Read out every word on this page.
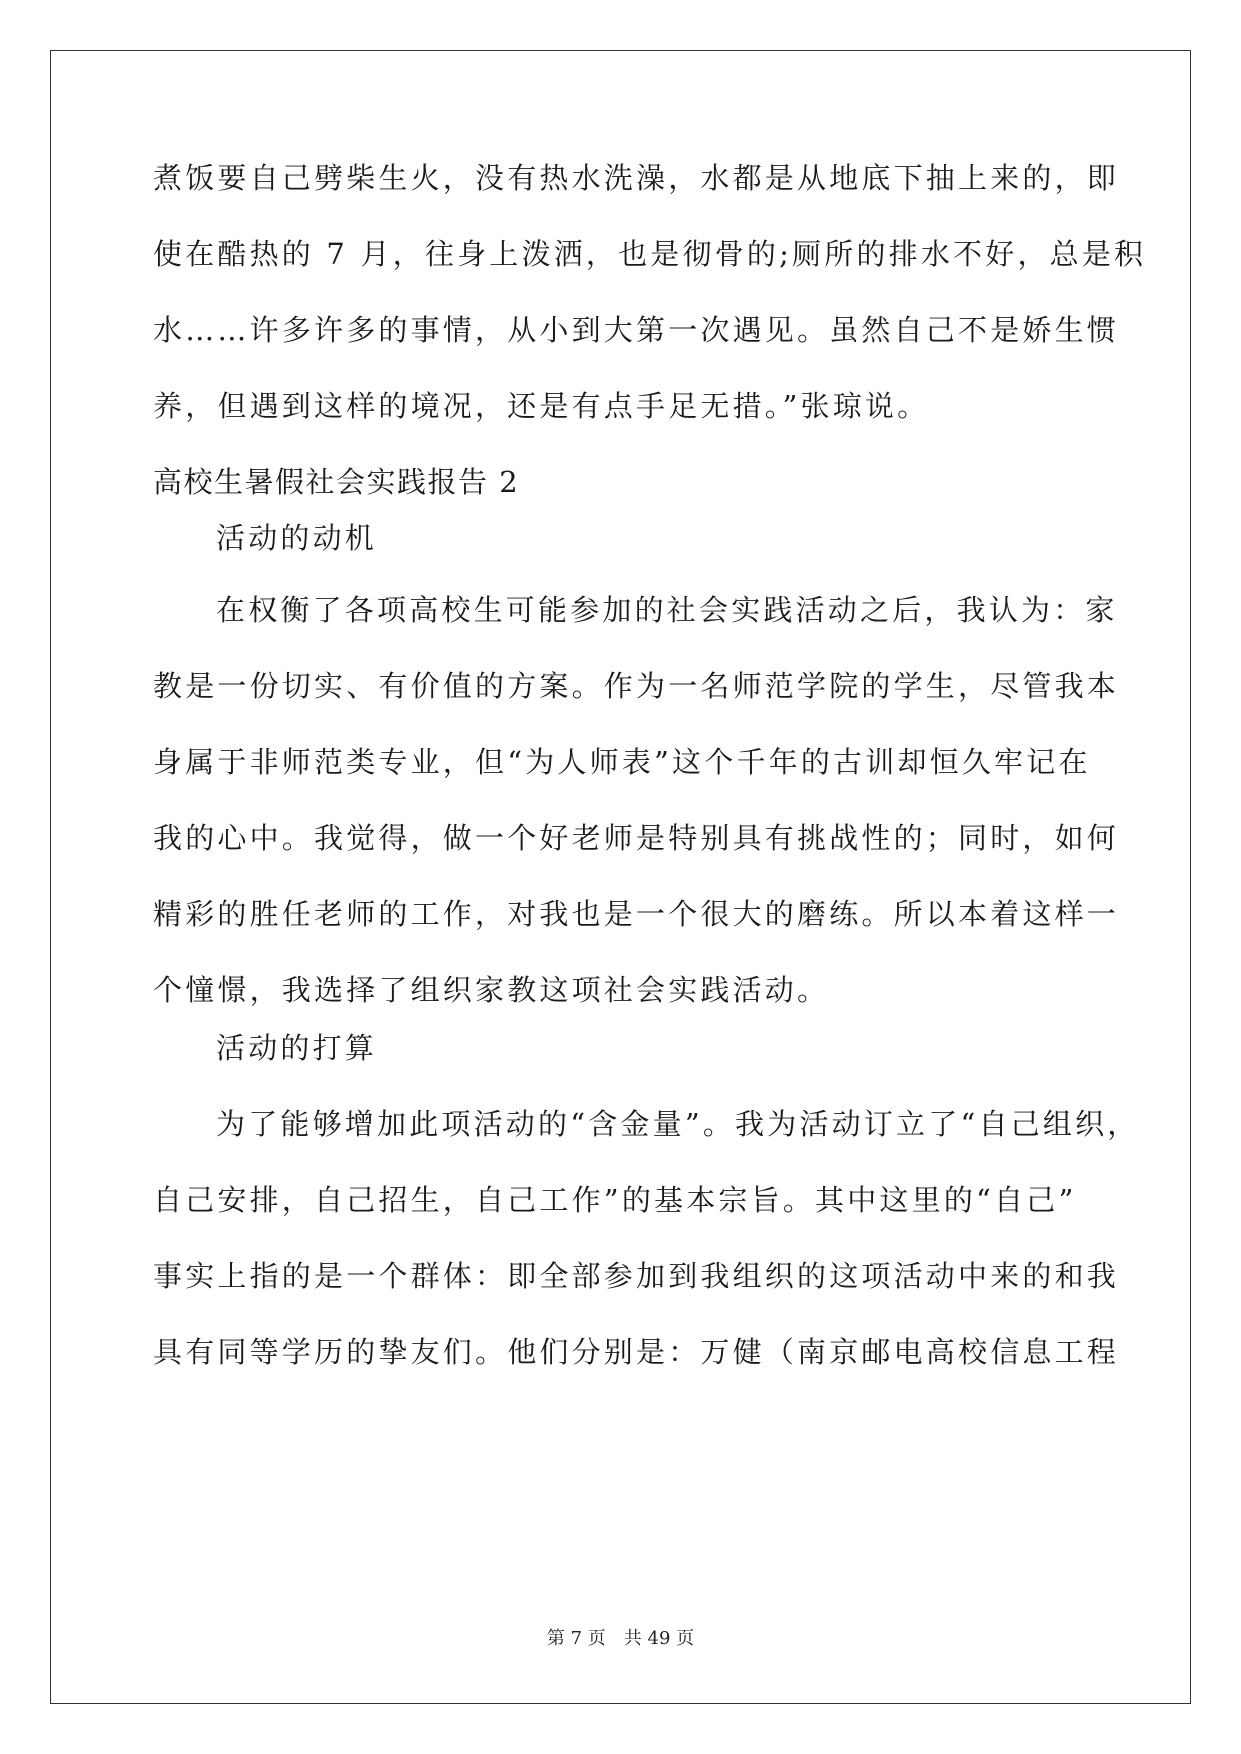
煮饭要自己劈柴生火，没有热水洗澡，水都是从地底下抽上来的，即
使在酷热的 7 月，往身上泼洒，也是彻骨的;厕所的排水不好，总是积
水……许多许多的事情，从小到大第一次遇见。虽然自己不是娇生惯
养，但遇到这样的境况，还是有点手足无措。”张琼说。
高校生暑假社会实践报告 2
活动的动机
在权衡了各项高校生可能参加的社会实践活动之后，我认为：家
教是一份切实、有价值的方案。作为一名师范学院的学生，尽管我本
身属于非师范类专业，但“为人师表”这个千年的古训却恒久牢记在
我的心中。我觉得，做一个好老师是特别具有挑战性的；同时，如何
精彩的胜任老师的工作，对我也是一个很大的磨练。所以本着这样一
个憧憬，我选择了组织家教这项社会实践活动。
活动的打算
为了能够增加此项活动的“含金量”。我为活动订立了“自己组织，
自己安排，自己招生，自己工作”的基本宗旨。其中这里的“自己”
事实上指的是一个群体：即全部参加到我组织的这项活动中来的和我
具有同等学历的挚友们。他们分别是：万健（南京邮电高校信息工程
第 7 页　共 49 页
